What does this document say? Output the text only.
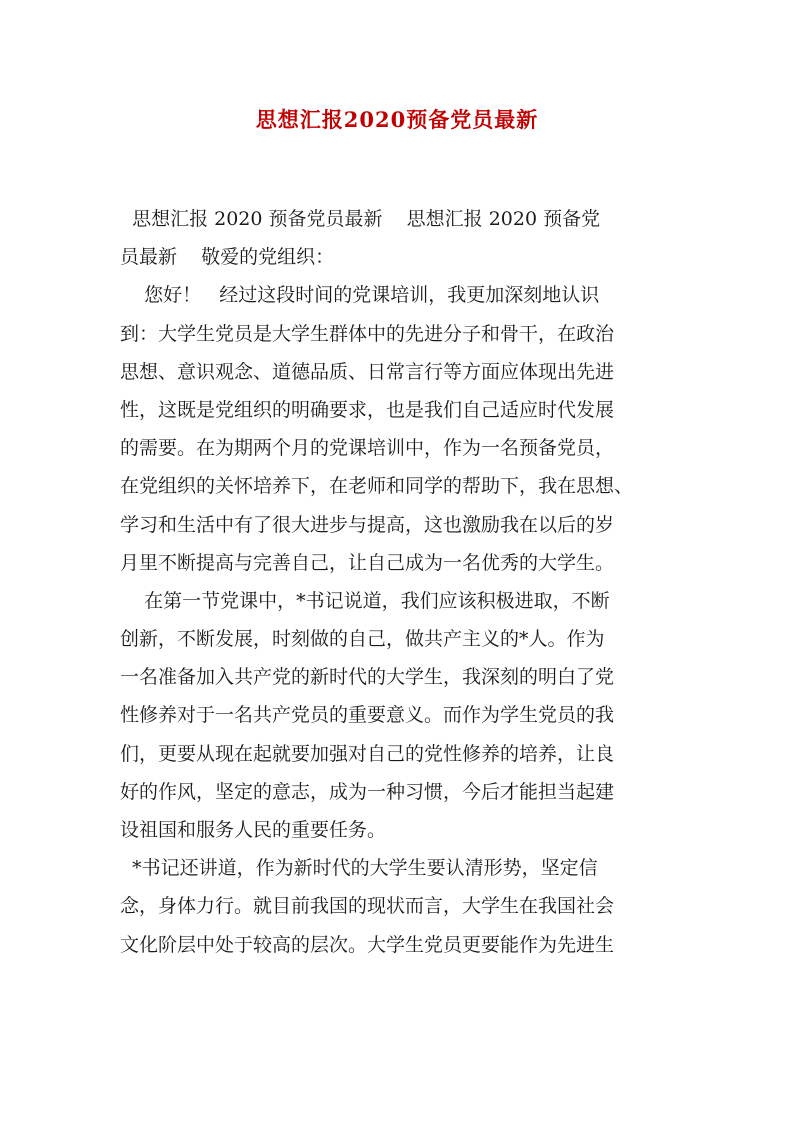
思想汇报2020预备党员最新
思想汇报 2020 预备党员最新    思想汇报 2020 预备党
员最新    敬爱的党组织：
您好！   经过这段时间的党课培训，我更加深刻地认识
到：大学生党员是大学生群体中的先进分子和骨干，在政治
思想、意识观念、道德品质、日常言行等方面应体现出先进
性，这既是党组织的明确要求，也是我们自己适应时代发展
的需要。在为期两个月的党课培训中，作为一名预备党员，
在党组织的关怀培养下，在老师和同学的帮助下，我在思想、
学习和生活中有了很大进步与提高，这也激励我在以后的岁
月里不断提高与完善自己，让自己成为一名优秀的大学生。
在第一节党课中，*书记说道，我们应该积极进取，不断
创新，不断发展，时刻做的自己，做共产主义的*人。作为
一名准备加入共产党的新时代的大学生，我深刻的明白了党
性修养对于一名共产党员的重要意义。而作为学生党员的我
们，更要从现在起就要加强对自己的党性修养的培养，让良
好的作风，坚定的意志，成为一种习惯，今后才能担当起建
设祖国和服务人民的重要任务。
*书记还讲道，作为新时代的大学生要认清形势，坚定信
念，身体力行。就目前我国的现状而言，大学生在我国社会
文化阶层中处于较高的层次。大学生党员更要能作为先进生
